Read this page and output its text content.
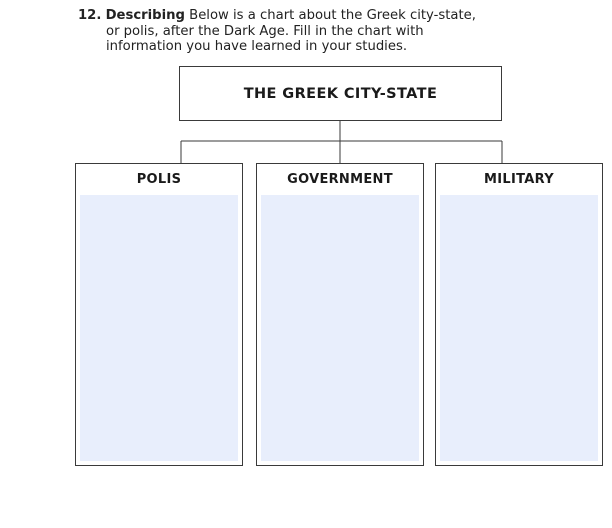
12. Describing Below is a chart about the Greek city-state,
or polis, after the Dark Age. Fill in the chart with
information you have learned in your studies.
THE GREEK CITY-STATE
POLIS	GOVERNMENT	MILITARY
